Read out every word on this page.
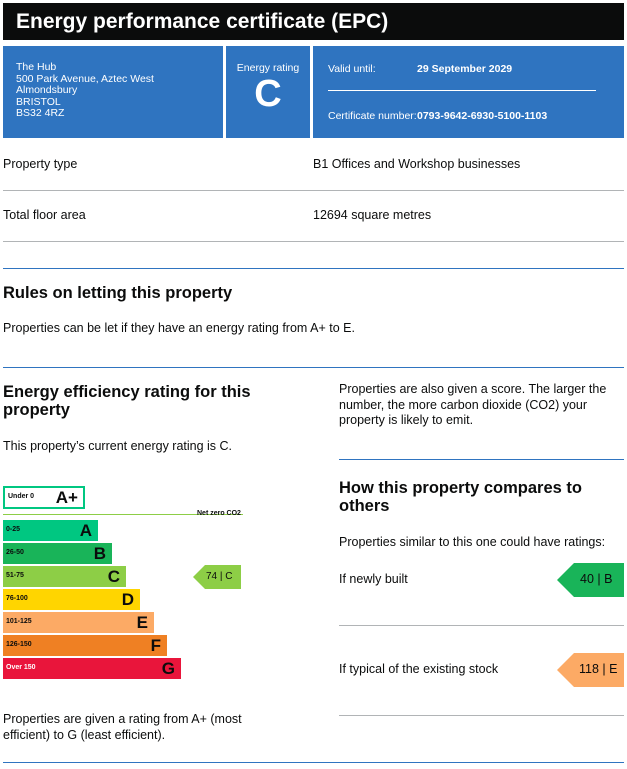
Energy performance certificate (EPC)
The Hub
500 Park Avenue, Aztec West
Almondsbury
BRISTOL
BS32 4RZ
Energy rating
C
Valid until:	29 September 2029
Certificate number: 0793-9642-6930-5100-1103
Property type	B1 Offices and Workshop businesses
Total floor area	12694 square metres
Rules on letting this property
Properties can be let if they have an energy rating from A+ to E.
Energy efficiency rating for this
property
This property’s current energy rating is C.
Under 0 A+
0-25	A
26-50	B
51-75	C
76-100	D
101-125	E
126-150	F
Over 150	G
Net zero CO2
74 | C
Properties are given a rating from A+ (most
efficient) to G (least efficient).
Properties are also given a score. The larger the
number, the more carbon dioxide (CO2) your
property is likely to emit.
How this property compares to
others
Properties similar to this one could have ratings:
If newly built	40 | B
If typical of the existing stock	118 | E
